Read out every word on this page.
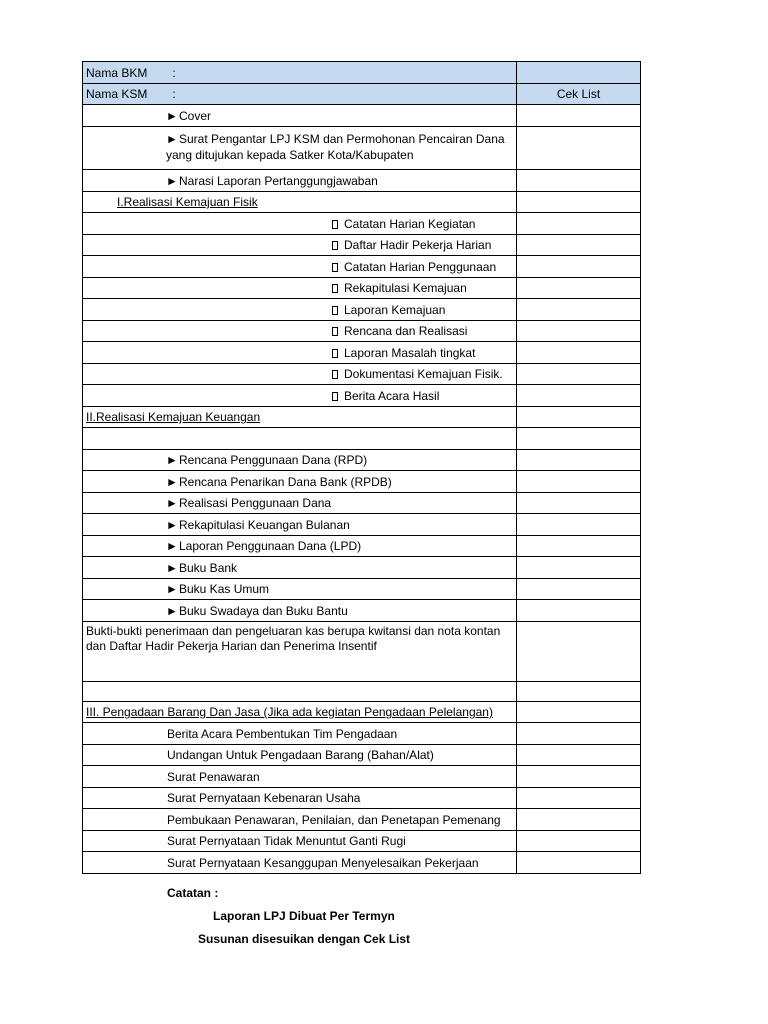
Nama BKM :	
Nama KSM :	Cek List
►Cover	

►Surat Pengantar LPJ KSM dan Permohonan Pencairan Dana yang ditujukan kepada Satker Kota/Kabupaten	

►Narasi Laporan Pertanggungjawaban	
I.Realisasi Kemajuan Fisik	
Catatan Harian Kegiatan	
Daftar Hadir Pekerja Harian	
Catatan Harian Penggunaan	
Rekapitulasi Kemajuan	
Laporan Kemajuan	
Rencana dan Realisasi	
Laporan Masalah tingkat	
Dokumentasi Kemajuan Fisik.	
Berita Acara Hasil	
II.Realisasi Kemajuan Keuangan	

►Rencana Penggunaan Dana (RPD)	
►Rencana Penarikan Dana Bank (RPDB)	
►Realisasi Penggunaan Dana	
►Rekapitulasi Keuangan Bulanan	
►Laporan Penggunaan Dana (LPD)	
►Buku Bank	
►Buku Kas Umum	
►Buku Swadaya dan Buku Bantu	

Bukti-bukti penerimaan dan pengeluaran kas berupa kwitansi dan nota kontan dan Daftar Hadir Pekerja Harian dan Penerima Insentif	

III. Pengadaan Barang Dan Jasa (Jika ada kegiatan Pengadaan Pelelangan)	
Berita Acara Pembentukan Tim Pengadaan	
Undangan Untuk Pengadaan Barang (Bahan/Alat)	
Surat Penawaran	
Surat Pernyataan Kebenaran Usaha	
Pembukaan Penawaran, Penilaian, dan Penetapan Pemenang	
Surat Pernyataan Tidak Menuntut Ganti Rugi	
Surat Pernyataan Kesanggupan Menyelesaikan Pekerjaan	
Catatan :
Laporan LPJ Dibuat Per Termyn
Susunan disesuikan dengan Cek List
